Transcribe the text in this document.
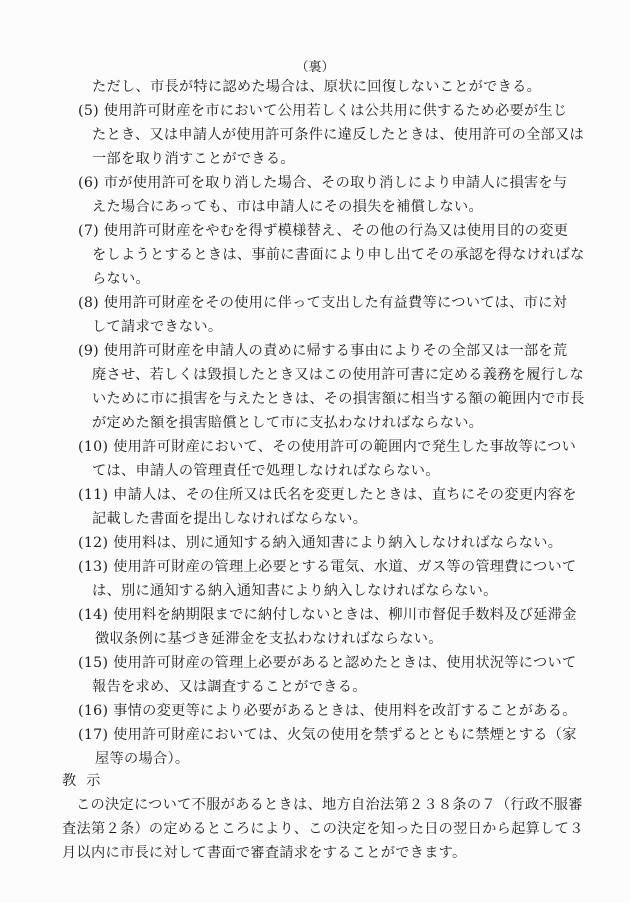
（裏）
ただし、市長が特に認めた場合は、原状に回復しないことができる。
(5) 使用許可財産を市において公用若しくは公共用に供するため必要が生じ
たとき、又は申請人が使用許可条件に違反したときは、使用許可の全部又は
一部を取り消すことができる。
(6) 市が使用許可を取り消した場合、その取り消しにより申請人に損害を与
えた場合にあっても、市は申請人にその損失を補償しない。
(7) 使用許可財産をやむを得ず模様替え、その他の行為又は使用目的の変更
をしようとするときは、事前に書面により申し出てその承認を得なければな
らない。
(8) 使用許可財産をその使用に伴って支出した有益費等については、市に対
して請求できない。
(9) 使用許可財産を申請人の責めに帰する事由によりその全部又は一部を荒
廃させ、若しくは毀損したとき又はこの使用許可書に定める義務を履行しな
いために市に損害を与えたときは、その損害額に相当する額の範囲内で市長
が定めた額を損害賠償として市に支払わなければならない。
(10) 使用許可財産において、その使用許可の範囲内で発生した事故等につい
ては、申請人の管理責任で処理しなければならない。
(11) 申請人は、その住所又は氏名を変更したときは、直ちにその変更内容を
記載した書面を提出しなければならない。
(12) 使用料は、別に通知する納入通知書により納入しなければならない。
(13) 使用許可財産の管理上必要とする電気、水道、ガス等の管理費について
は、別に通知する納入通知書により納入しなければならない。
(14) 使用料を納期限までに納付しないときは、柳川市督促手数料及び延滞金
徴収条例に基づき延滞金を支払わなければならない。
(15) 使用許可財産の管理上必要があると認めたときは、使用状況等について
報告を求め、又は調査することができる。
(16) 事情の変更等により必要があるときは、使用料を改訂することがある。
(17) 使用許可財産においては、火気の使用を禁ずるとともに禁煙とする（家
屋等の場合）。
教示
この決定について不服があるときは、地方自治法第２３８条の７（行政不服審
査法第２条）の定めるところにより、この決定を知った日の翌日から起算して３
月以内に市長に対して書面で審査請求をすることができます。
